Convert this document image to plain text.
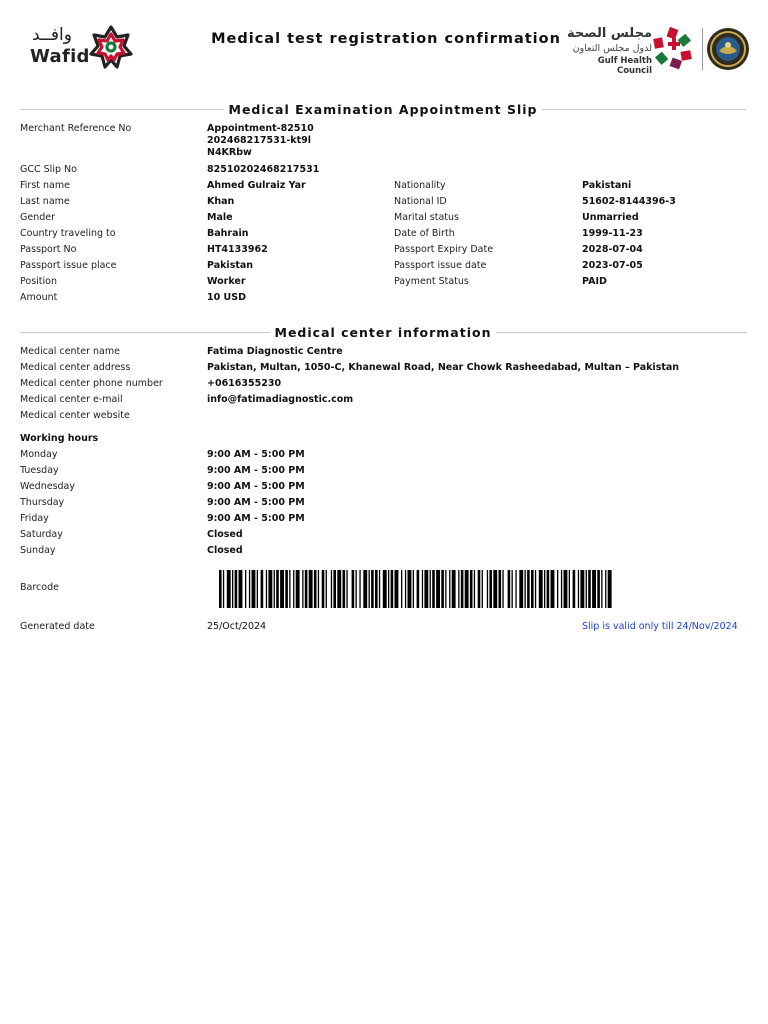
وافــد
Wafid
Medical test registration confirmation مجلس الصحة
لدول مجلس التعاون
Gulf Health Council
Medical Examination Appointment Slip
Merchant Reference No	Appointment-82510202468217531-kt9lN4KRbw
GCC Slip No	82510202468217531
First name	Ahmed Gulraiz Yar	Nationality	Pakistani
Last name	Khan	National ID	51602-8144396-3
Gender	Male	Marital status	Unmarried
Country traveling to	Bahrain	Date of Birth	1999-11-23
Passport No	HT4133962	Passport Expiry Date	2028-07-04
Passport issue place	Pakistan	Passport issue date	2023-07-05
Position	Worker	Payment Status	PAID
Amount	10 USD
Medical center information
Medical center name	Fatima Diagnostic Centre
Medical center address	Pakistan, Multan, 1050-C, Khanewal Road, Near Chowk Rasheedabad, Multan – Pakistan
Medical center phone number	+0616355230
Medical center e-mail	info@fatimadiagnostic.com
Medical center website
Working hours
Monday	9:00 AM - 5:00 PM
Tuesday	9:00 AM - 5:00 PM
Wednesday	9:00 AM - 5:00 PM
Thursday	9:00 AM - 5:00 PM
Friday	9:00 AM - 5:00 PM
Saturday	Closed
Sunday	Closed
Barcode
Generated date	25/Oct/2024	Slip is valid only till 24/Nov/2024
